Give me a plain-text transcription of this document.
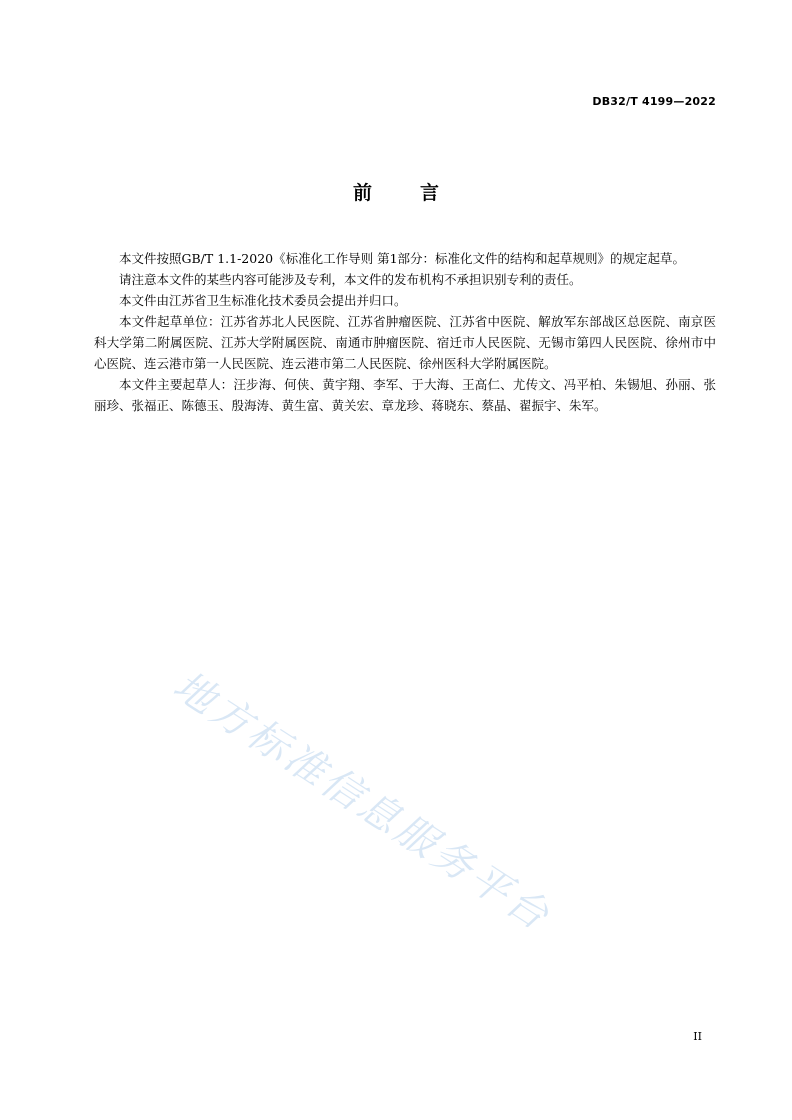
DB32/T 4199—2022
前	言

本文件按照GB/T 1.1-2020《标准化工作导则 第1部分：标准化文件的结构和起草规则》的规定起草。

请注意本文件的某些内容可能涉及专利，本文件的发布机构不承担识别专利的责任。

本文件由江苏省卫生标准化技术委员会提出并归口。

本文件起草单位：江苏省苏北人民医院、江苏省肿瘤医院、江苏省中医院、解放军东部战区总医院、南京医科大学第二附属医院、江苏大学附属医院、南通市肿瘤医院、宿迁市人民医院、无锡市第四人民医院、徐州市中心医院、连云港市第一人民医院、连云港市第二人民医院、徐州医科大学附属医院。

本文件主要起草人：汪步海、何侠、黄宇翔、李军、于大海、王高仁、尤传文、冯平柏、朱锡旭、孙丽、张丽珍、张福正、陈德玉、殷海涛、黄生富、黄关宏、章龙珍、蒋晓东、蔡晶、翟振宇、朱军。

地方标准信息服务平台
II
